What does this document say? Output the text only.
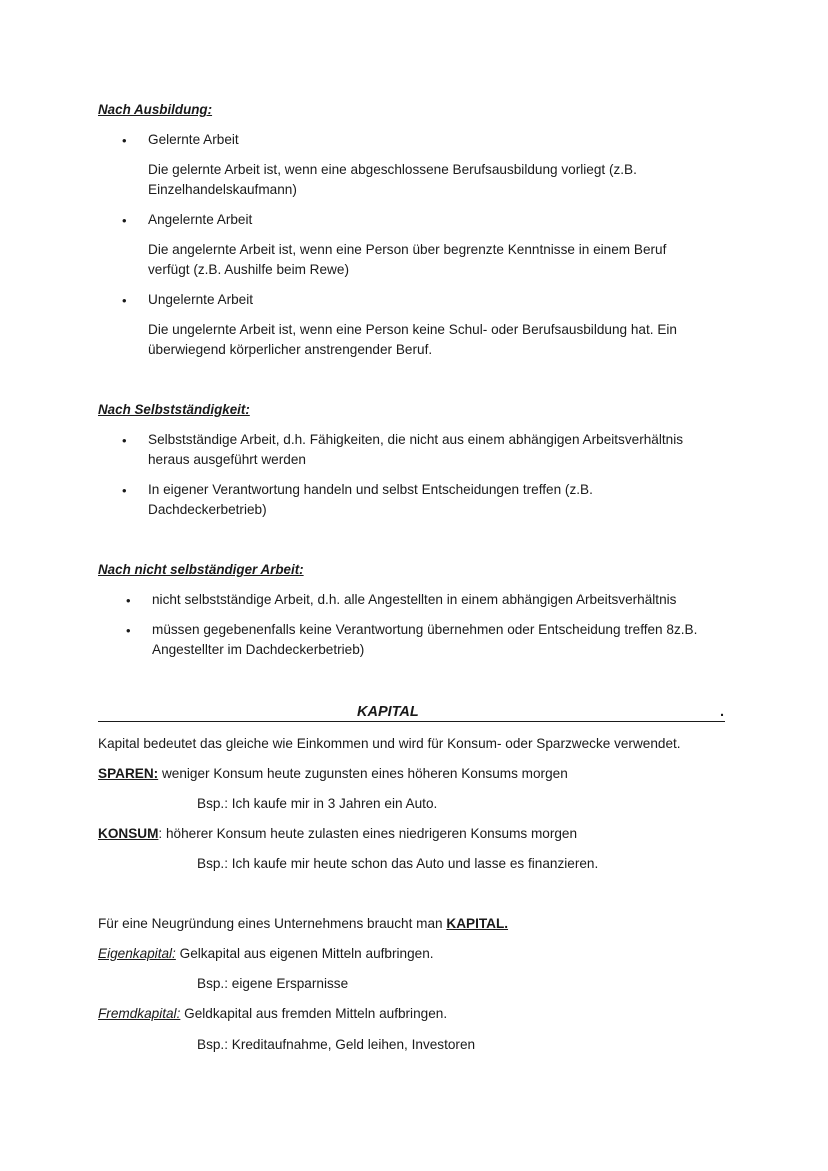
Nach Ausbildung:
• Gelernte Arbeit
Die gelernte Arbeit ist, wenn eine abgeschlossene Berufsausbildung vorliegt (z.B. Einzelhandelskaufmann)
• Angelernte Arbeit
Die angelernte Arbeit ist, wenn eine Person über begrenzte Kenntnisse in einem Beruf verfügt (z.B. Aushilfe beim Rewe)
• Ungelernte Arbeit
Die ungelernte Arbeit ist, wenn eine Person keine Schul- oder Berufsausbildung hat. Ein überwiegend körperlicher anstrengender Beruf.
Nach Selbstständigkeit:
• Selbstständige Arbeit, d.h. Fähigkeiten, die nicht aus einem abhängigen Arbeitsverhältnis heraus ausgeführt werden
• In eigener Verantwortung handeln und selbst Entscheidungen treffen (z.B. Dachdeckerbetrieb)
Nach nicht selbständiger Arbeit:
• nicht selbstständige Arbeit, d.h. alle Angestellten in einem abhängigen Arbeitsverhältnis
• müssen gegebenenfalls keine Verantwortung übernehmen oder Entscheidung treffen 8z.B. Angestellter im Dachdeckerbetrieb)
KAPITAL	.
Kapital bedeutet das gleiche wie Einkommen und wird für Konsum- oder Sparzwecke verwendet.
SPAREN: weniger Konsum heute zugunsten eines höheren Konsums morgen
Bsp.: Ich kaufe mir in 3 Jahren ein Auto.
KONSUM: höherer Konsum heute zulasten eines niedrigeren Konsums morgen
Bsp.: Ich kaufe mir heute schon das Auto und lasse es finanzieren.
Für eine Neugründung eines Unternehmens braucht man KAPITAL.
Eigenkapital: Gelkapital aus eigenen Mitteln aufbringen.
Bsp.: eigene Ersparnisse
Fremdkapital: Geldkapital aus fremden Mitteln aufbringen.
Bsp.: Kreditaufnahme, Geld leihen, Investoren
